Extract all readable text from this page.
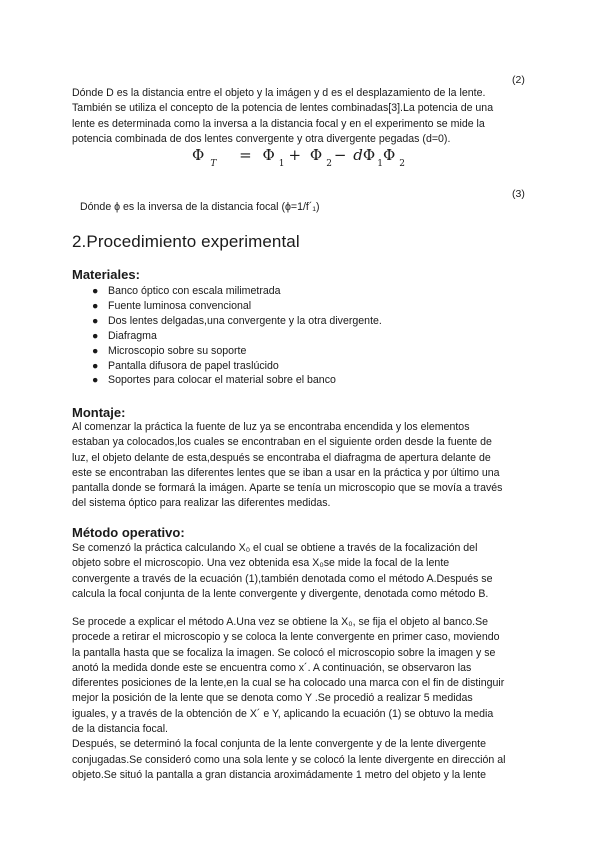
(2)
Dónde D es la distancia entre el objeto y la imágen y d es el desplazamiento de la lente.
También se utiliza el concepto de la potencia de lentes combinadas[3].La potencia de una
lente es determinada como la inversa a la distancia focal y en el experimento se mide la
potencia combinada de dos lentes convergente y otra divergente pegadas (d=0).
Φ $_T$ = Φ $_1$ + Φ $_2$ − dΦ $_1$Φ $_2$
(3)
Dónde ϕ es la inversa de la distancia focal (ϕ=1/f´₁)
2.Procedimiento experimental
Materiales:
● Banco óptico con escala milimetrada
● Fuente luminosa convencional
● Dos lentes delgadas,una convergente y la otra divergente.
● Diafragma
● Microscopio sobre su soporte
● Pantalla difusora de papel traslúcido
● Soportes para colocar el material sobre el banco
Montaje:
Al comenzar la práctica la fuente de luz ya se encontraba encendida y los elementos
estaban ya colocados,los cuales se encontraban en el siguiente orden desde la fuente de
luz, el objeto delante de esta,después se encontraba el diafragma de apertura delante de
este se encontraban las diferentes lentes que se iban a usar en la práctica y por último una
pantalla donde se formará la imágen. Aparte se tenía un microscopio que se movía a través
del sistema óptico para realizar las diferentes medidas.
Método operativo:
Se comenzó la práctica calculando X₀ el cual se obtiene a través de la focalización del
objeto sobre el microscopio. Una vez obtenida esa X₀se mide la focal de la lente
convergente a través de la ecuación (1),también denotada como el método A.Después se
calcula la focal conjunta de la lente convergente y divergente, denotada como método B.
Se procede a explicar el método A.Una vez se obtiene la X₀, se fija el objeto al banco.Se
procede a retirar el microscopio y se coloca la lente convergente en primer caso, moviendo
la pantalla hasta que se focaliza la imagen. Se colocó el microscopio sobre la imagen y se
anotó la medida donde este se encuentra como x´. A continuación, se observaron las
diferentes posiciones de la lente,en la cual se ha colocado una marca con el fin de distinguir
mejor la posición de la lente que se denota como Y .Se procedió a realizar 5 medidas
iguales, y a través de la obtención de X´ e Y, aplicando la ecuación (1) se obtuvo la media
de la distancia focal.
Después, se determinó la focal conjunta de la lente convergente y de la lente divergente
conjugadas.Se consideró como una sola lente y se colocó la lente divergente en dirección al
objeto.Se situó la pantalla a gran distancia aroximádamente 1 metro del objeto y la lente
